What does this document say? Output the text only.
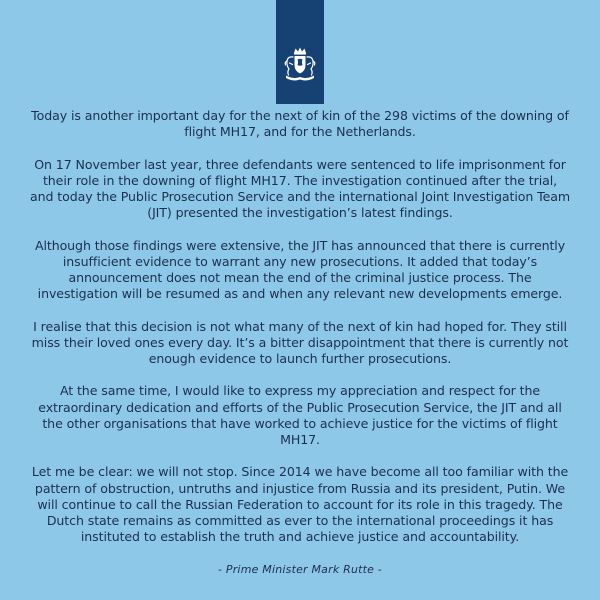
Today is another important day for the next of kin of the 298 victims of the downing of flight MH17, and for the Netherlands.

On 17 November last year, three defendants were sentenced to life imprisonment for their role in the downing of flight MH17. The investigation continued after the trial, and today the Public Prosecution Service and the international Joint Investigation Team (JIT) presented the investigation’s latest findings.

Although those findings were extensive, the JIT has announced that there is currently insufficient evidence to warrant any new prosecutions. It added that today’s announcement does not mean the end of the criminal justice process. The investigation will be resumed as and when any relevant new developments emerge.

I realise that this decision is not what many of the next of kin had hoped for. They still miss their loved ones every day. It’s a bitter disappointment that there is currently not enough evidence to launch further prosecutions.

At the same time, I would like to express my appreciation and respect for the extraordinary dedication and efforts of the Public Prosecution Service, the JIT and all the other organisations that have worked to achieve justice for the victims of flight MH17.

Let me be clear: we will not stop. Since 2014 we have become all too familiar with the pattern of obstruction, untruths and injustice from Russia and its president, Putin. We will continue to call the Russian Federation to account for its role in this tragedy. The Dutch state remains as committed as ever to the international proceedings it has instituted to establish the truth and achieve justice and accountability.

- Prime Minister Mark Rutte -
